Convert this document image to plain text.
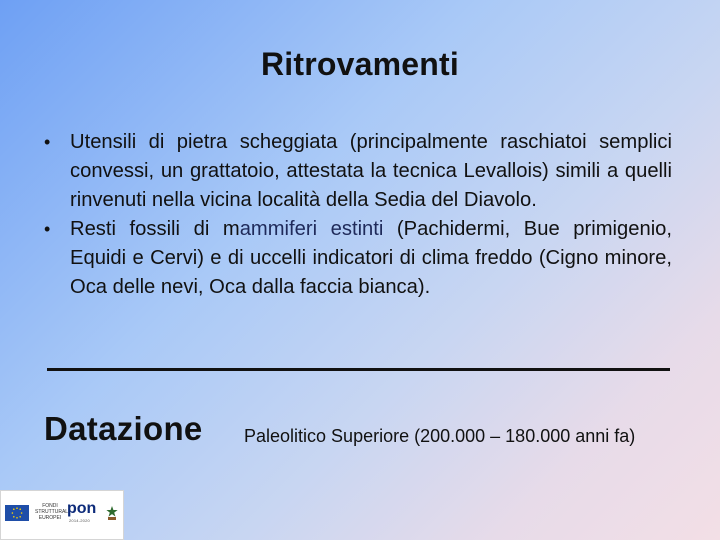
Ritrovamenti
• Utensili di pietra scheggiata (principalmente raschiatoi semplici convessi, un grattatoio, attestata la tecnica Levallois) simili a quelli rinvenuti nella vicina località della Sedia del Diavolo.
• Resti fossili di mammiferi estinti (Pachidermi, Bue primigenio, Equidi e Cervi) e di uccelli indicatori di clima freddo (Cigno minore, Oca delle nevi, Oca dalla faccia bianca).
Datazione Paleolitico Superiore (200.000 – 180.000 anni fa)
FONDI STRUTTURALI EUROPEI
pon
2014-2020
